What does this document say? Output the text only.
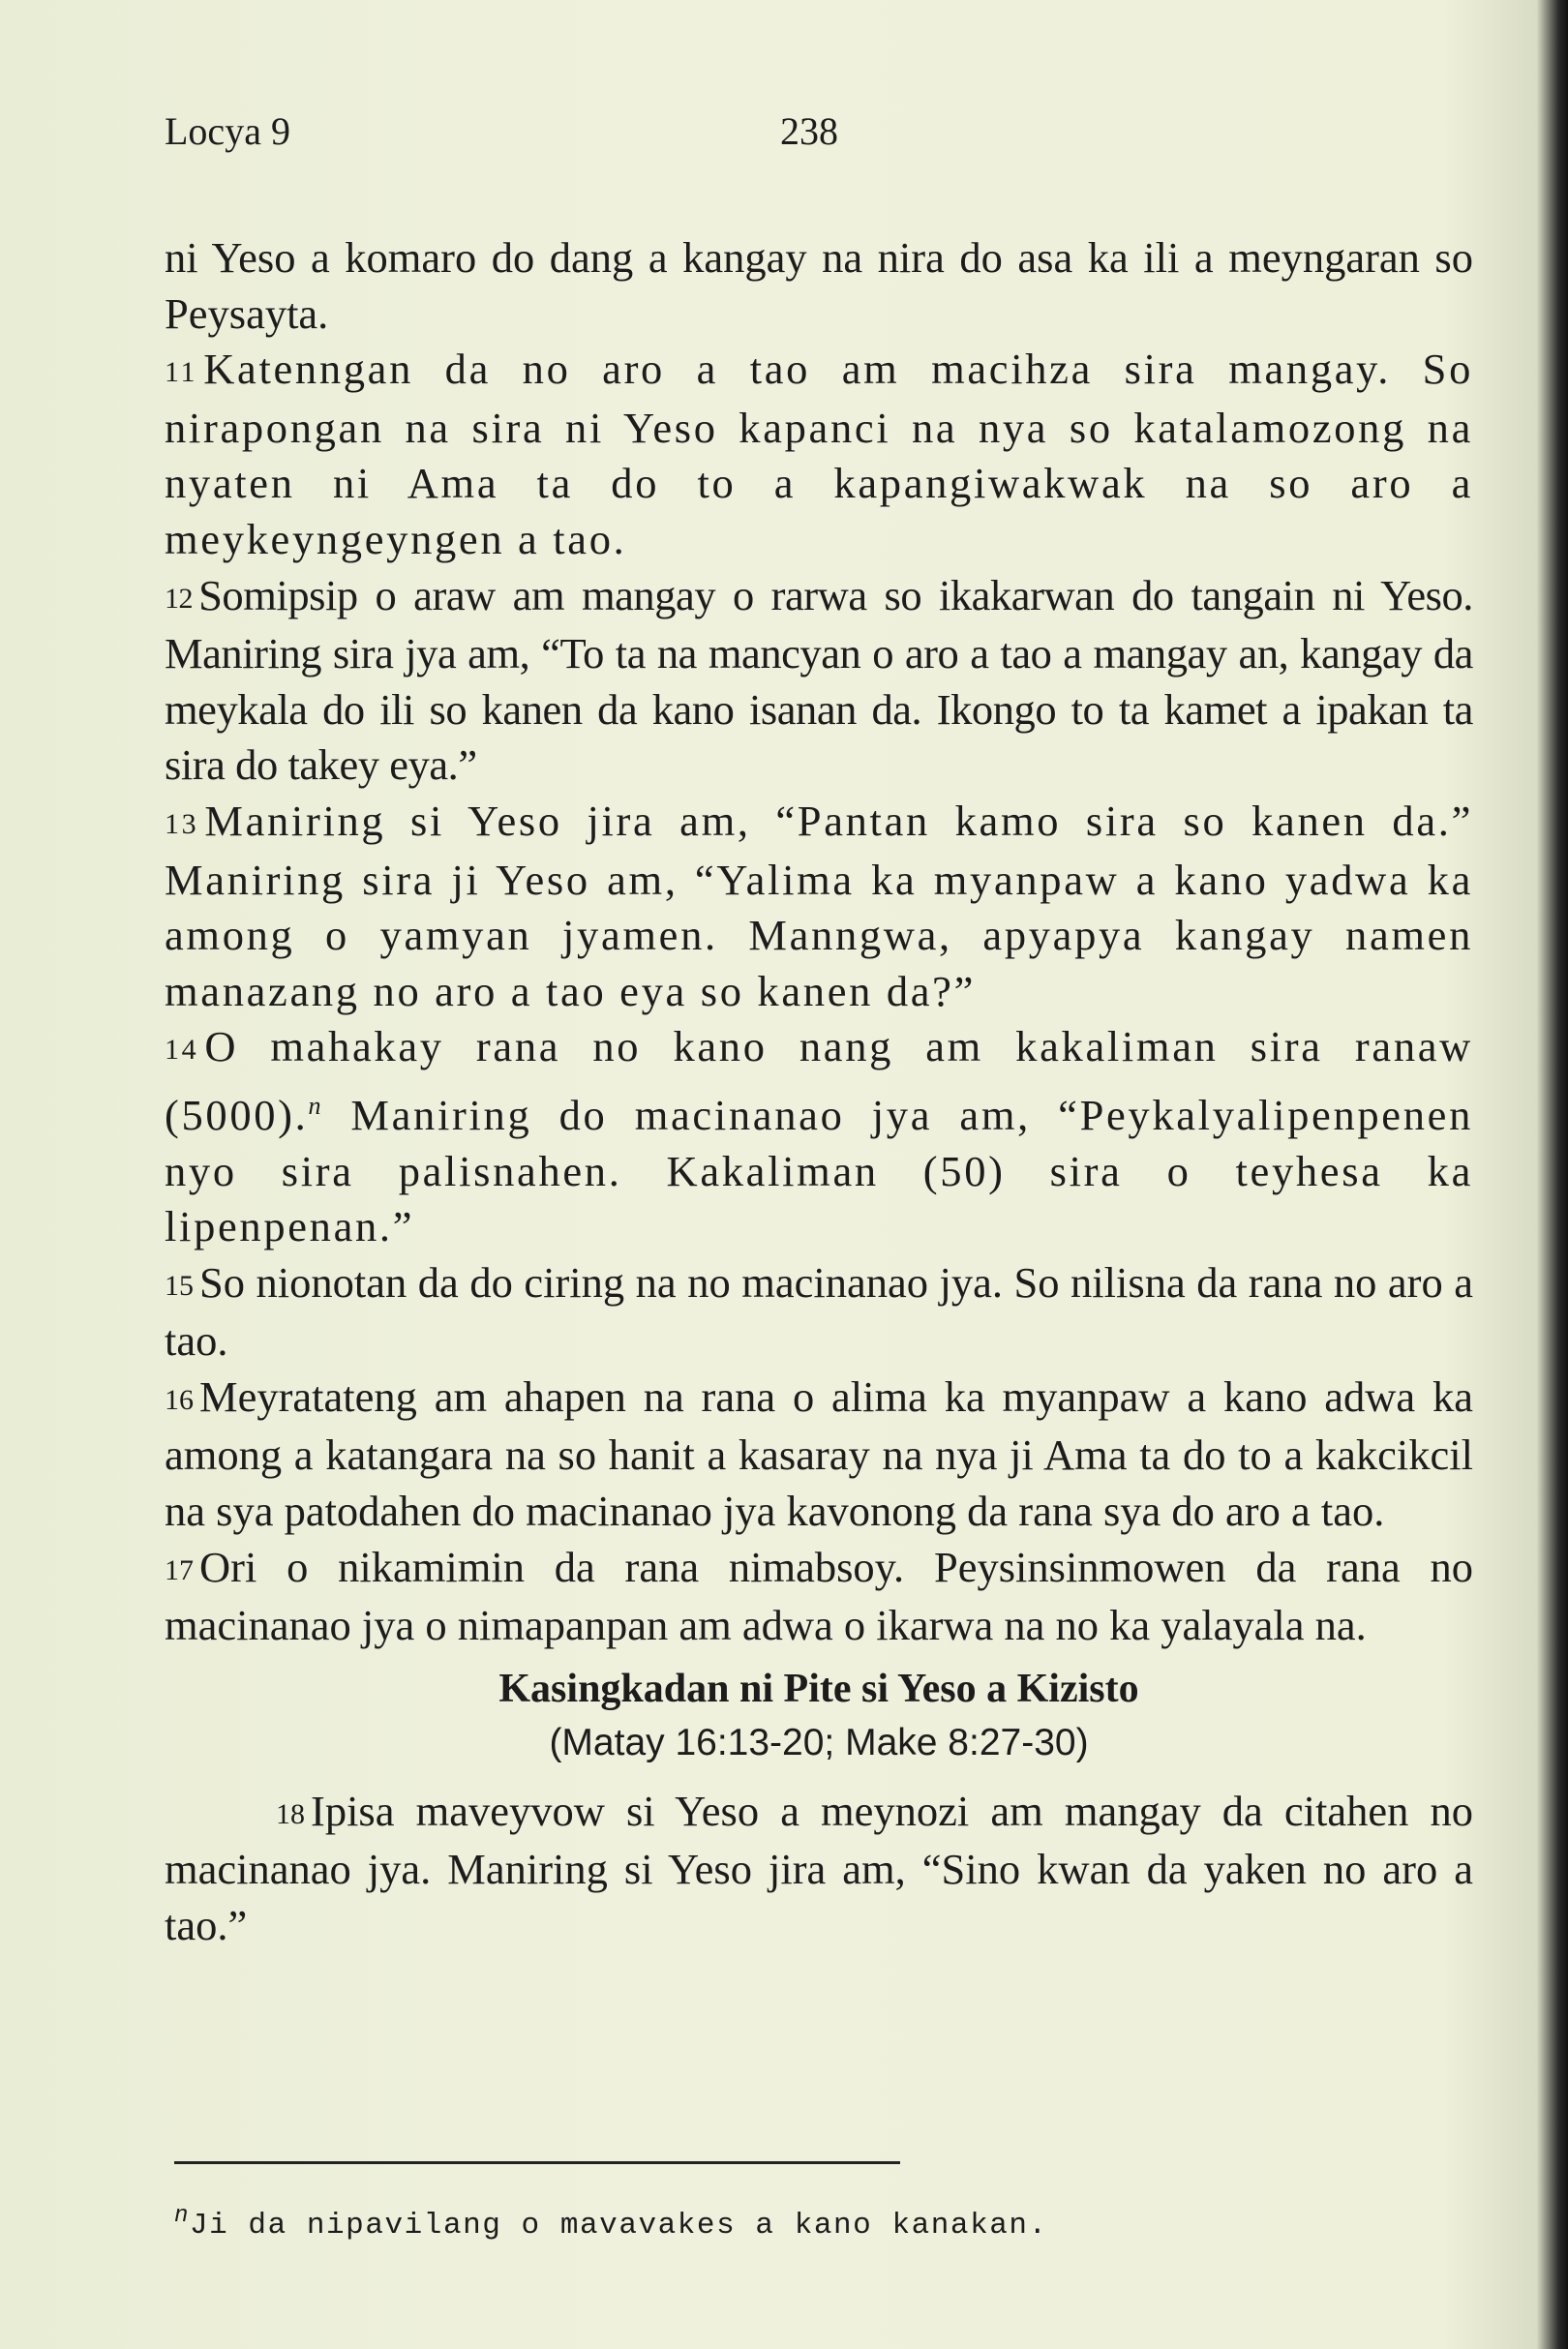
Locya 9	238

ni Yeso a komaro do dang a kangay na nira do asa ka ili a meyngaran so Peysayta.

11 Katenngan da no aro a tao am macihza sira mangay. So nirapongan na sira ni Yeso kapanci na nya so katalamozong na nyaten ni Ama ta do to a kapangiwakwak na so aro a meykeyngeyngen a tao.

12 Somipsip o araw am mangay o rarwa so ikakarwan do tangain ni Yeso. Maniring sira jya am, “To ta na mancyan o aro a tao a mangay an, kangay da meykala do ili so kanen da kano isanan da. Ikongo to ta kamet a ipakan ta sira do takey eya.”

13 Maniring si Yeso jira am, “Pantan kamo sira so kanen da.” Maniring sira ji Yeso am, “Yalima ka myanpaw a kano yadwa ka among o yamyan jyamen. Manngwa, apyapya kangay namen manazang no aro a tao eya so kanen da?”

14 O mahakay rana no kano nang am kakaliman sira ranaw (5000).$^n$ Maniring do macinanao jya am, “Peykalyalipenpenen nyo sira palisnahen. Kakaliman (50) sira o teyhesa ka lipenpenan.”

15 So nionotan da do ciring na no macinanao jya. So nilisna da rana no aro a tao.

16 Meyratateng am ahapen na rana o alima ka myanpaw a kano adwa ka among a katangara na so hanit a kasaray na nya ji Ama ta do to a kakcikcil na sya patodahen do macinanao jya kavonong da rana sya do aro a tao.

17 Ori o nikamimin da rana nimabsoy. Peysinsinmowen da rana no macinanao jya o nimapanpan am adwa o ikarwa na no ka yalayala na.

Kasingkadan ni Pite si Yeso a Kizisto
(Matay 16:13-20; Make 8:27-30)

18 Ipisa maveyvow si Yeso a meynozi am mangay da citahen no macinanao jya. Maniring si Yeso jira am, “Sino kwan da yaken no aro a tao.”

$^n$Ji da nipavilang o mavavakes a kano kanakan.
